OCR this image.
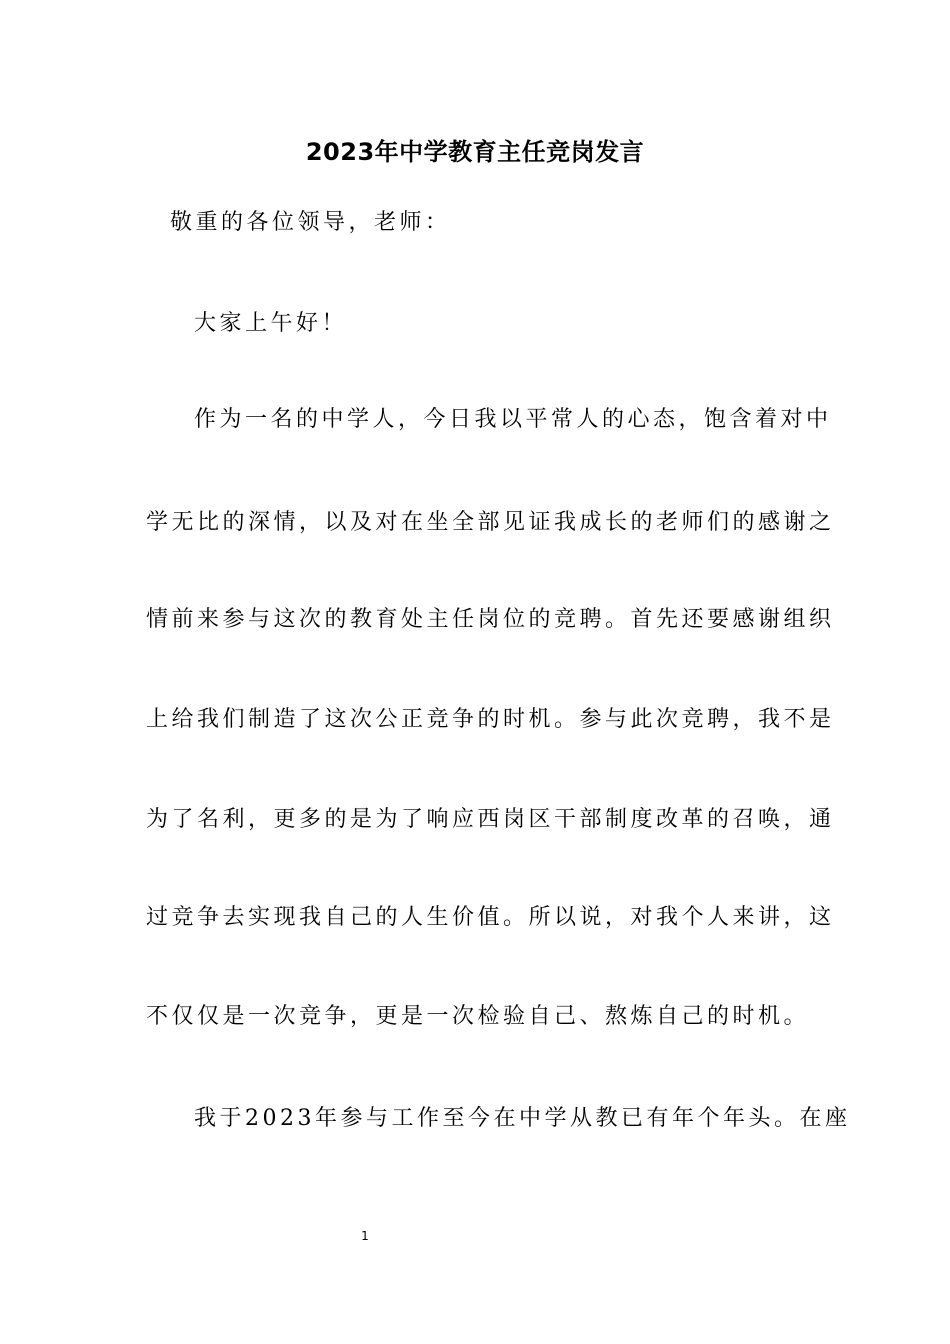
2023年中学教育主任竞岗发言
敬重的各位领导，老师：
大家上午好！
作为一名的中学人，今日我以平常人的心态，饱含着对中
学无比的深情，以及对在坐全部见证我成长的老师们的感谢之
情前来参与这次的教育处主任岗位的竞聘。首先还要感谢组织
上给我们制造了这次公正竞争的时机。参与此次竞聘，我不是
为了名利，更多的是为了响应西岗区干部制度改革的召唤，通
过竞争去实现我自己的人生价值。所以说，对我个人来讲，这
不仅仅是一次竞争，更是一次检验自己、熬炼自己的时机。
我于2023年参与工作至今在中学从教已有年个年头。在座
1
